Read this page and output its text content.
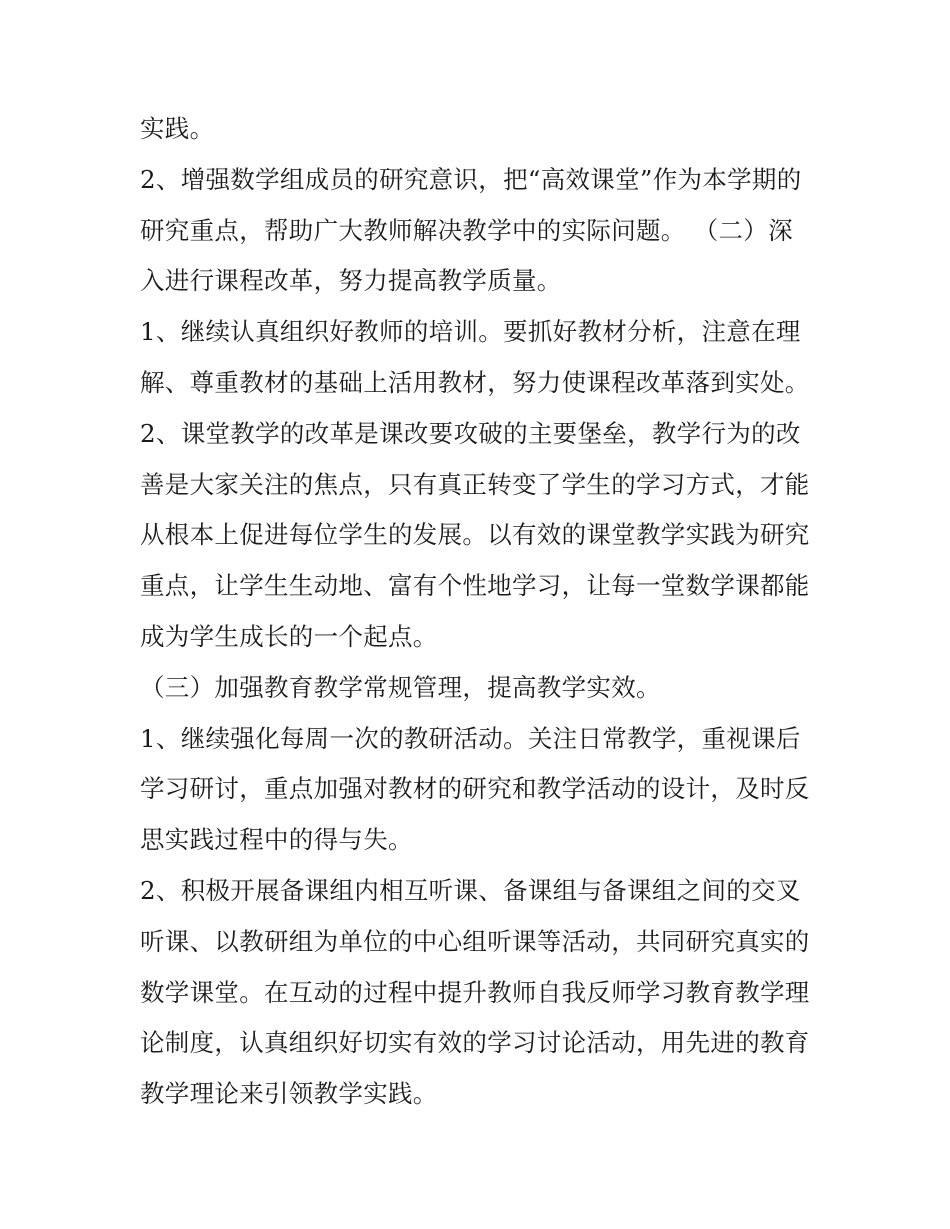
实践。
2、增强数学组成员的研究意识，把“高效课堂”作为本学期的
研究重点，帮助广大教师解决教学中的实际问题。 （二）深
入进行课程改革，努力提高教学质量。
1、继续认真组织好教师的培训。要抓好教材分析，注意在理
解、尊重教材的基础上活用教材，努力使课程改革落到实处。
2、课堂教学的改革是课改要攻破的主要堡垒，教学行为的改
善是大家关注的焦点，只有真正转变了学生的学习方式，才能
从根本上促进每位学生的发展。以有效的课堂教学实践为研究
重点，让学生生动地、富有个性地学习，让每一堂数学课都能
成为学生成长的一个起点。
（三）加强教育教学常规管理，提高教学实效。
1、继续强化每周一次的教研活动。关注日常教学，重视课后
学习研讨，重点加强对教材的研究和教学活动的设计，及时反
思实践过程中的得与失。
2、积极开展备课组内相互听课、备课组与备课组之间的交叉
听课、以教研组为单位的中心组听课等活动，共同研究真实的
数学课堂。在互动的过程中提升教师自我反师学习教育教学理
论制度，认真组织好切实有效的学习讨论活动，用先进的教育
教学理论来引领教学实践。
